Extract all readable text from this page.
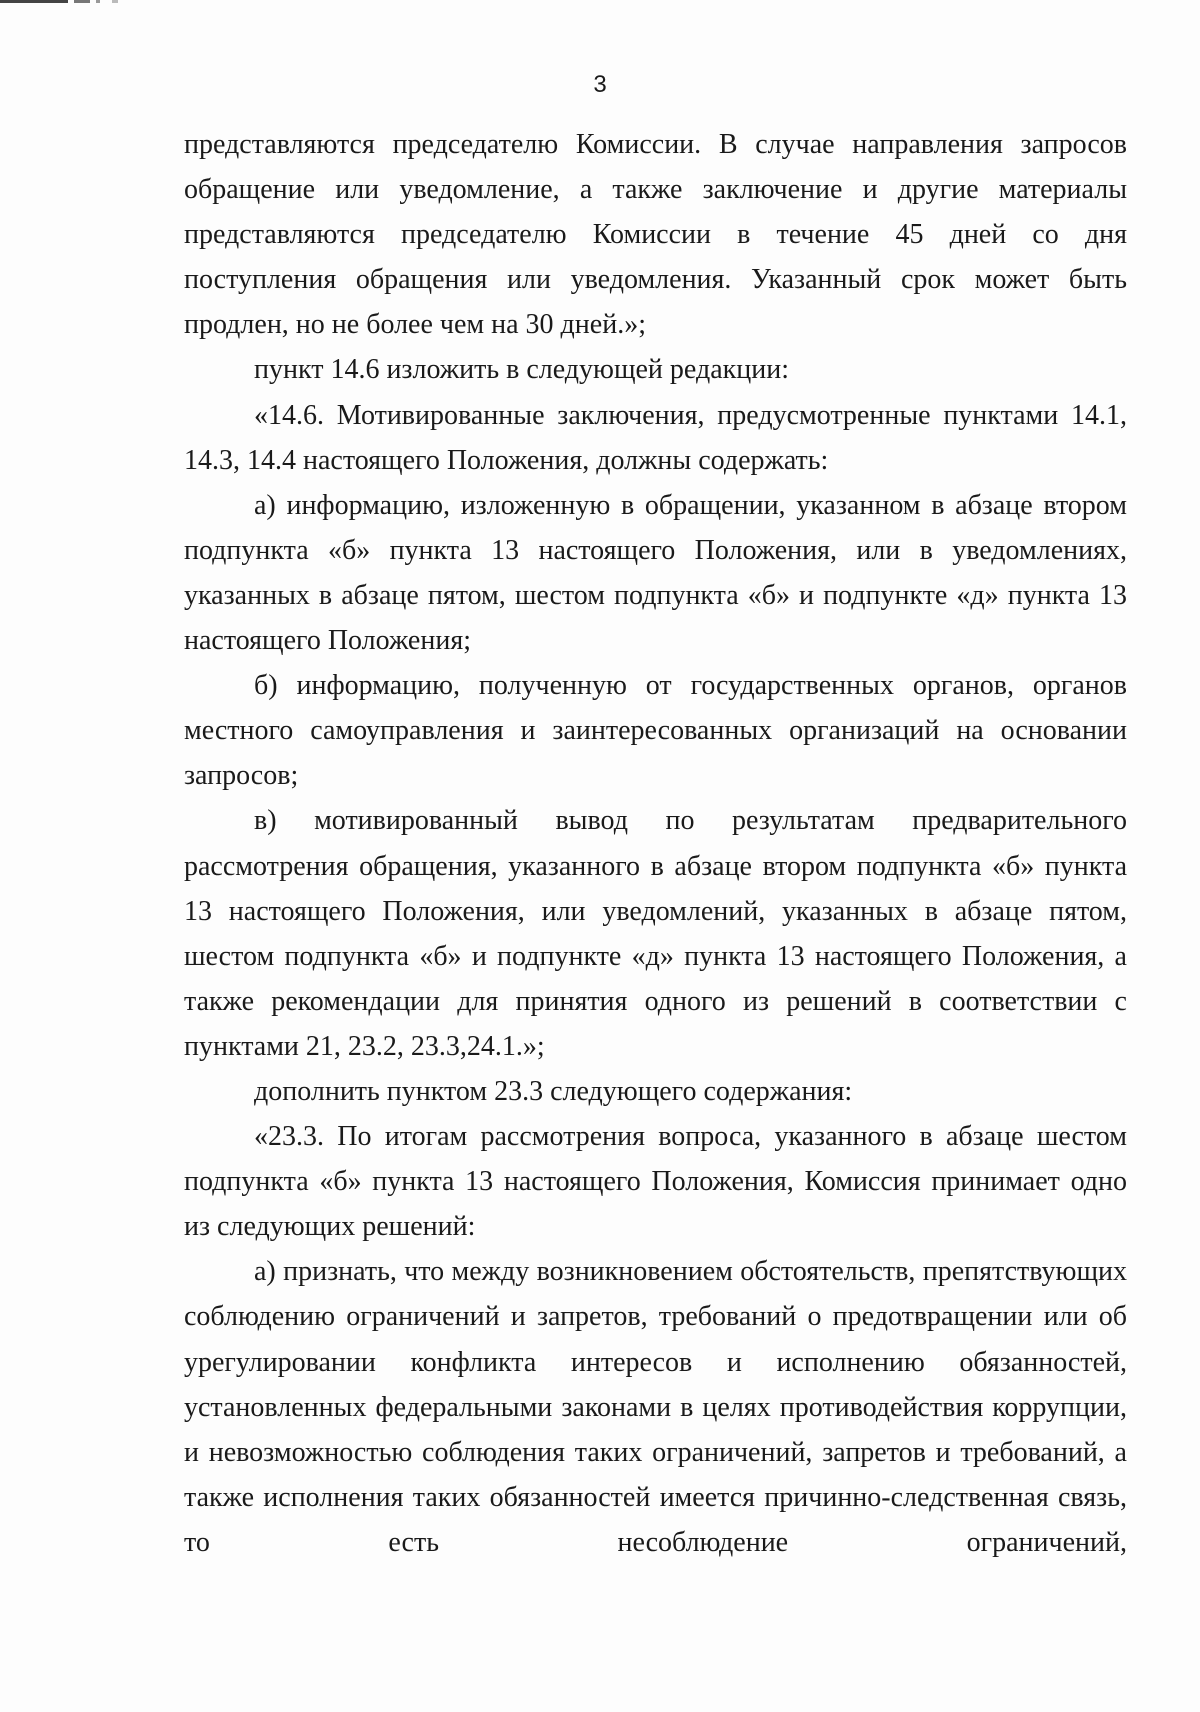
3

представляются председателю Комиссии. В случае направления запросов обращение или уведомление, а также заключение и другие материалы представляются председателю Комиссии в течение 45 дней со дня поступления обращения или уведомления. Указанный срок может быть продлен, но не более чем на 30 дней.»;

пункт 14.6 изложить в следующей редакции:

«14.6. Мотивированные заключения, предусмотренные пунктами 14.1, 14.3, 14.4 настоящего Положения, должны содержать:

а) информацию, изложенную в обращении, указанном в абзаце втором подпункта «б» пункта 13 настоящего Положения, или в уведомлениях, указанных в абзаце пятом, шестом подпункта «б» и подпункте «д» пункта 13 настоящего Положения;

б) информацию, полученную от государственных органов, органов местного самоуправления и заинтересованных организаций на основании запросов;

в) мотивированный вывод по результатам предварительного рассмотрения обращения, указанного в абзаце втором подпункта «б» пункта 13 настоящего Положения, или уведомлений, указанных в абзаце пятом, шестом подпункта «б» и подпункте «д» пункта 13 настоящего Положения, а также рекомендации для принятия одного из решений в соответствии с пунктами 21, 23.2, 23.3,24.1.»;

дополнить пунктом 23.3 следующего содержания:

«23.3. По итогам рассмотрения вопроса, указанного в абзаце шестом подпункта «б» пункта 13 настоящего Положения, Комиссия принимает одно из следующих решений:

а) признать, что между возникновением обстоятельств, препятствующих соблюдению ограничений и запретов, требований о предотвращении или об урегулировании конфликта интересов и исполнению обязанностей, установленных федеральными законами в целях противодействия коррупции, и невозможностью соблюдения таких ограничений, запретов и требований, а также исполнения таких обязанностей имеется причинно-следственная связь, то есть несоблюдение ограничений,
